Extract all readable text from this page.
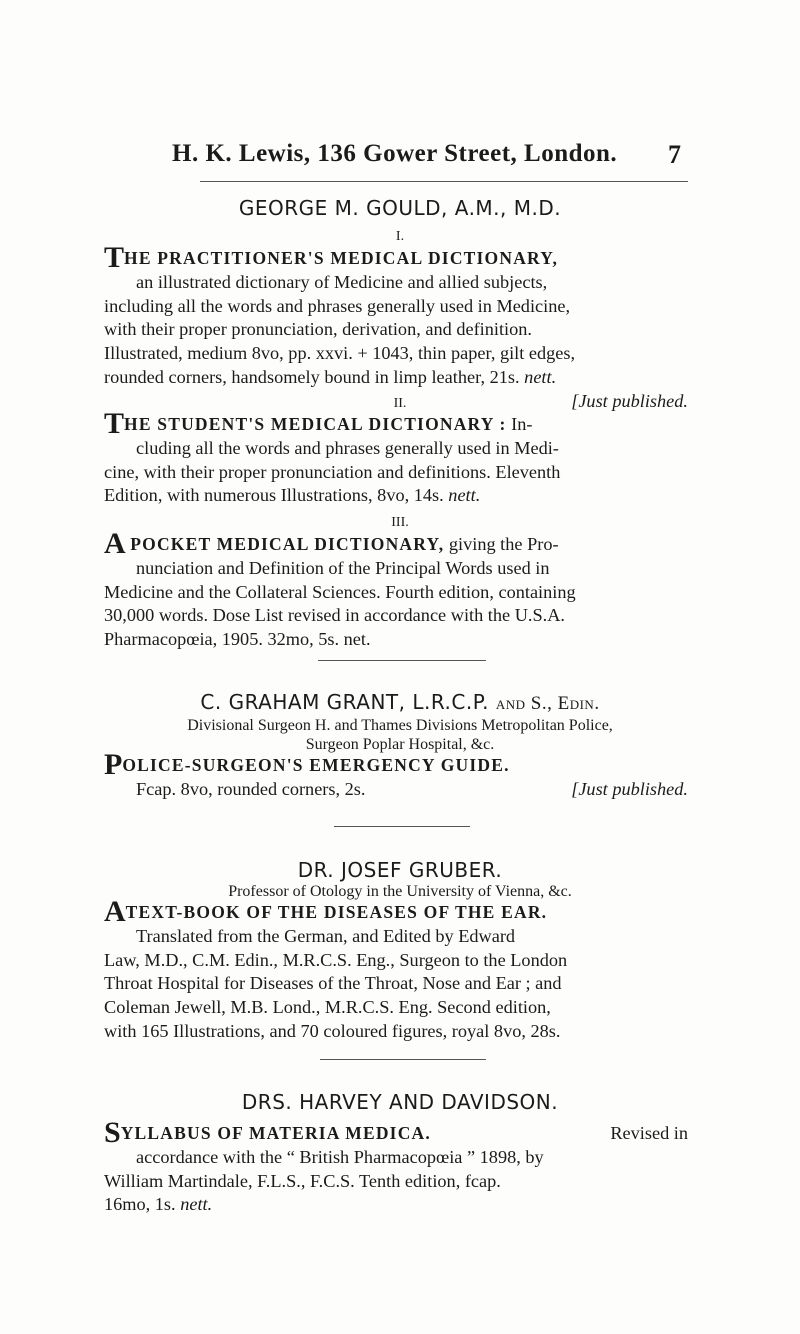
H. K. Lewis, 136 Gower Street, London. 7
GEORGE M. GOULD, A.M., M.D.
I.

THE PRACTITIONER'S MEDICAL DICTIONARY,

an illustrated dictionary of Medicine and allied subjects,

including all the words and phrases generally used in Medicine,

with their proper pronunciation, derivation, and definition.

Illustrated, medium 8vo, pp. xxvi. + 1043, thin paper, gilt edges,

rounded corners, handsomely bound in limp leather, 21s. nett.

[Just published.

II.

THE STUDENT'S MEDICAL DICTIONARY : In-

cluding all the words and phrases generally used in Medi-

cine, with their proper pronunciation and definitions. Eleventh

Edition, with numerous Illustrations, 8vo, 14s. nett.

III.

A POCKET MEDICAL DICTIONARY, giving the Pro-

nunciation and Definition of the Principal Words used in

Medicine and the Collateral Sciences. Fourth edition, containing

30,000 words. Dose List revised in accordance with the U.S.A.

Pharmacopœia, 1905. 32mo, 5s. net.

C. GRAHAM GRANT, L.R.C.P. and S., Edin.
Divisional Surgeon H. and Thames Divisions Metropolitan Police,
Surgeon Poplar Hospital, &c.

POLICE-SURGEON'S EMERGENCY GUIDE.

Fcap. 8vo, rounded corners, 2s.	[Just published.

DR. JOSEF GRUBER.
Professor of Otology in the University of Vienna, &c.

ATEXT-BOOK OF THE DISEASES OF THE EAR.

Translated from the German, and Edited by Edward

Law, M.D., C.M. Edin., M.R.C.S. Eng., Surgeon to the London

Throat Hospital for Diseases of the Throat, Nose and Ear ; and

Coleman Jewell, M.B. Lond., M.R.C.S. Eng. Second edition,

with 165 Illustrations, and 70 coloured figures, royal 8vo, 28s.

DRS. HARVEY AND DAVIDSON.

SYLLABUS OF MATERIA MEDICA.	Revised in

accordance with the “ British Pharmacopœia ” 1898, by

William Martindale, F.L.S., F.C.S. Tenth edition, fcap.

16mo, 1s. nett.
